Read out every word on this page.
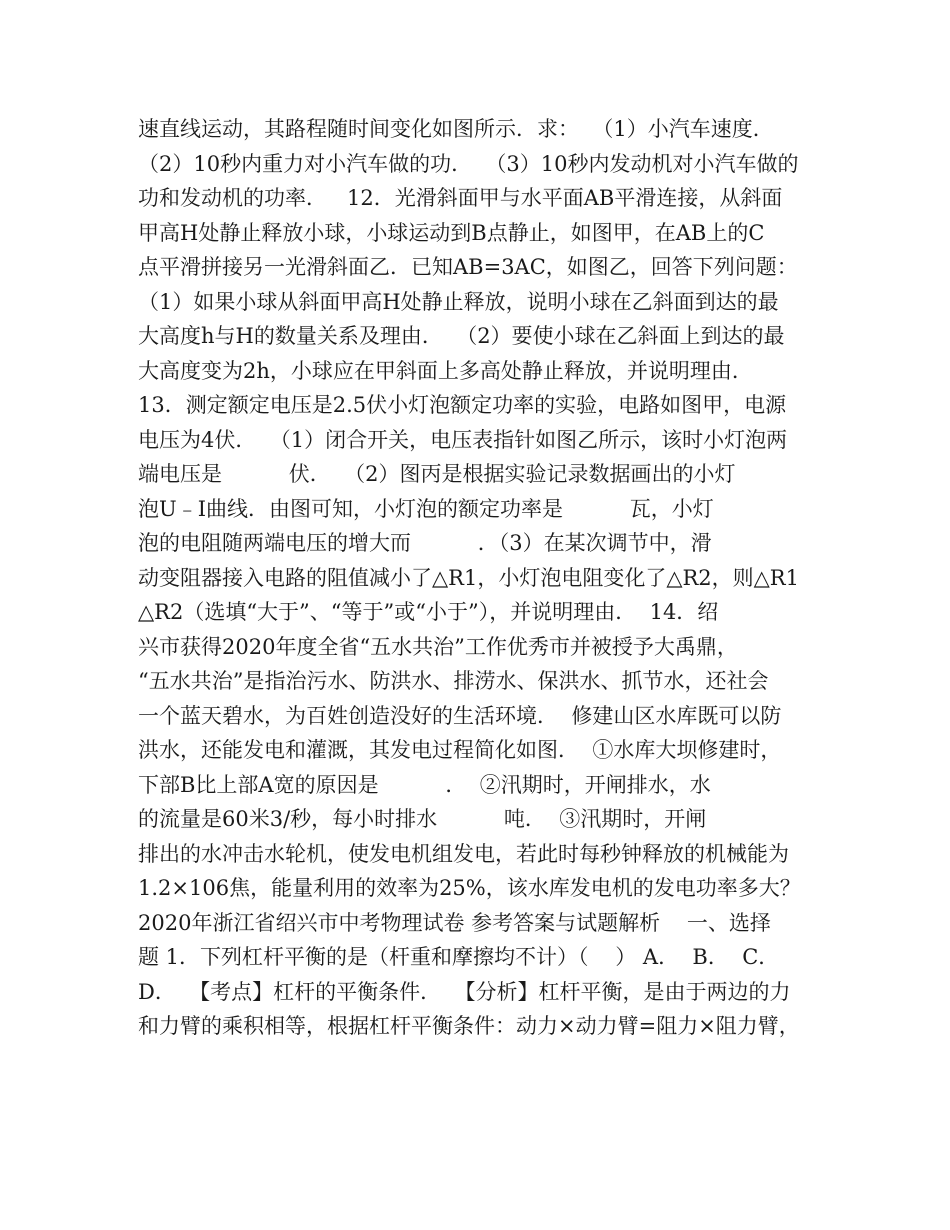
速直线运动，其路程随时间变化如图所示．求：  （1）小汽车速度．
（2）10秒内重力对小汽车做的功．  （3）10秒内发动机对小汽车做的
功和发动机的功率．   12．光滑斜面甲与水平面AB平滑连接，从斜面
甲高H处静止释放小球，小球运动到B点静止，如图甲，在AB上的C
点平滑拼接另一光滑斜面乙．已知AB=3AC，如图乙，回答下列问题：
（1）如果小球从斜面甲高H处静止释放，说明小球在乙斜面到达的最
大高度h与H的数量关系及理由．  （2）要使小球在乙斜面上到达的最
大高度变为2h，小球应在甲斜面上多高处静止释放，并说明理由．
13．测定额定电压是2.5伏小灯泡额定功率的实验，电路如图甲，电源
电压为4伏．  （1）闭合开关，电压表指针如图乙所示，该时小灯泡两
端电压是          伏．  （2）图丙是根据实验记录数据画出的小灯
泡U﹣I曲线．由图可知，小灯泡的额定功率是          瓦，小灯
泡的电阻随两端电压的增大而          ．（3）在某次调节中，滑
动变阻器接入电路的阻值减小了△R1，小灯泡电阻变化了△R2，则△R1
△R2（选填“大于”、“等于”或“小于”），并说明理由．  14．绍
兴市获得2020年度全省“五水共治”工作优秀市并被授予大禹鼎，
“五水共治”是指治污水、防洪水、排涝水、保洪水、抓节水，还社会
一个蓝天碧水，为百姓创造没好的生活环境．  修建山区水库既可以防
洪水，还能发电和灌溉，其发电过程简化如图．  ①水库大坝修建时，
下部B比上部A宽的原因是          ．  ②汛期时，开闸排水，水
的流量是60米3/秒，每小时排水          吨．  ③汛期时，开闸
排出的水冲击水轮机，使发电机组发电，若此时每秒钟释放的机械能为
1.2×106焦，能量利用的效率为25%，该水库发电机的发电功率多大？
2020年浙江省绍兴市中考物理试卷 参考答案与试题解析    一、选择
题 1．下列杠杆平衡的是（杆重和摩擦均不计）（    ） A．  B．  C．
D．  【考点】杠杆的平衡条件．  【分析】杠杆平衡，是由于两边的力
和力臂的乘积相等，根据杠杆平衡条件：动力×动力臂=阻力×阻力臂，
